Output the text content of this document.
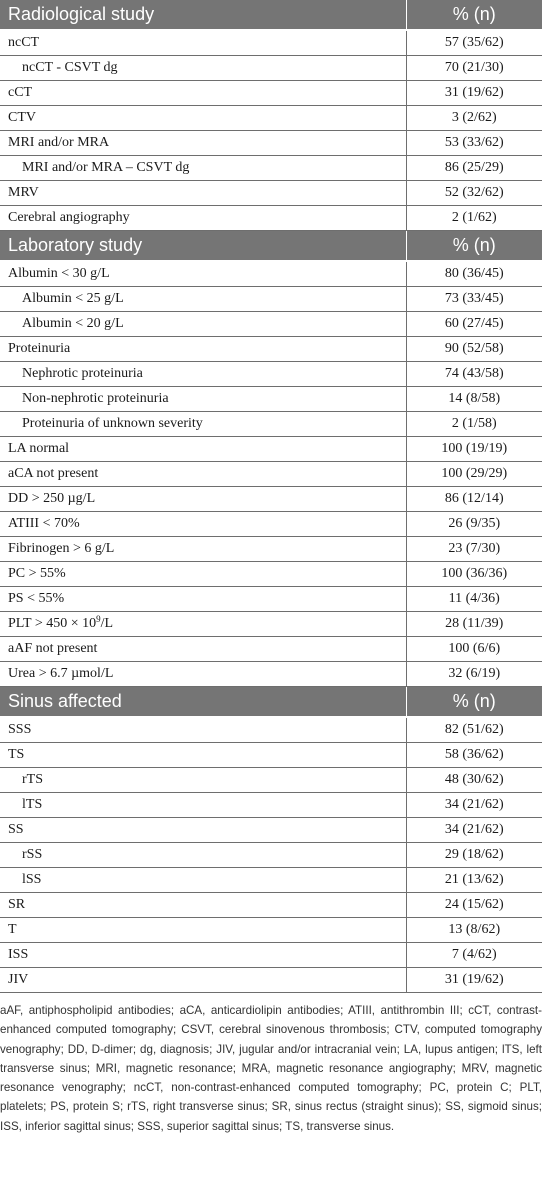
Radiological study	% (n)
ncCT	57 (35/62)
ncCT - CSVT dg	70 (21/30)
cCT	31 (19/62)
CTV	3 (2/62)
MRI and/or MRA	53 (33/62)
MRI and/or MRA – CSVT dg	86 (25/29)
MRV	52 (32/62)
Cerebral angiography	2 (1/62)
Laboratory study	% (n)
Albumin < 30 g/L	80 (36/45)
Albumin < 25 g/L	73 (33/45)
Albumin < 20 g/L	60 (27/45)
Proteinuria	90 (52/58)
Nephrotic proteinuria	74 (43/58)
Non-nephrotic proteinuria	14 (8/58)
Proteinuria of unknown severity	2 (1/58)
LA normal	100 (19/19)
aCA not present	100 (29/29)
DD > 250 µg/L	86 (12/14)
ATIII < 70%	26 (9/35)
Fibrinogen > 6 g/L	23 (7/30)
PC > 55%	100 (36/36)
PS < 55%	11 (4/36)
PLT > $450 \times 10^9/L$	28 (11/39)
aAF not present	100 (6/6)
Urea > 6.7 µmol/L	32 (6/19)
Sinus affected	% (n)
SSS	82 (51/62)
TS	58 (36/62)
rTS	48 (30/62)
lTS	34 (21/62)
SS	34 (21/62)
rSS	29 (18/62)
lSS	21 (13/62)
SR	24 (15/62)
T	13 (8/62)
ISS	7 (4/62)
JIV	31 (19/62)

aAF, antiphospholipid antibodies; aCA, anticardiolipin antibodies; ATIII, antithrombin III; cCT, contrast-enhanced computed tomography; CSVT, cerebral sinovenous thrombosis; CTV, computed tomography venography; DD, D-dimer; dg, diagnosis; JIV, jugular and/or intracranial vein; LA, lupus antigen; lTS, left transverse sinus; MRI, magnetic resonance; MRA, magnetic resonance angiography; MRV, magnetic resonance venography; ncCT, non-contrast-enhanced computed tomography; PC, protein C; PLT, platelets; PS, protein S; rTS, right transverse sinus; SR, sinus rectus (straight sinus); SS, sigmoid sinus; ISS, inferior sagittal sinus; SSS, superior sagittal sinus; TS, transverse sinus.
